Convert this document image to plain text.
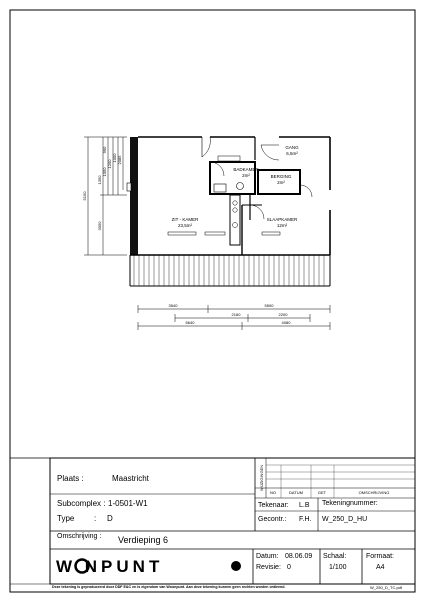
GANG
6,5m²
BADKAMER
2m²	BERGING
2m²
ZIT - KAMER
23,5m²
SLAAPKAMER
12m²
5150
3050
1350
1050
1200
1000
990
2085
3540	5500
2160	2200
5640	4080
WIJZIGINGEN
NO	DATUM	GET	OMSCHRIJVING
Plaats :	Maastricht
Subcomplex : 1-0501-W1
Type : D
Omschrijving : Verdieping 6
W NPUNT
Tekenaar: L.B
Gecontr.: F.H.
Tekeningnummer:
W_250_D_HU
Datum: 08.06.09
Revisie: 0
Schaal:
1/100
Formaat:
A4
Deze tekening is geproduceerd door DDF E&C en is eigendom van Woonpunt. Aan deze tekening kunnen geen rechten worden ontleend.	W_250_D_TC.pdf
